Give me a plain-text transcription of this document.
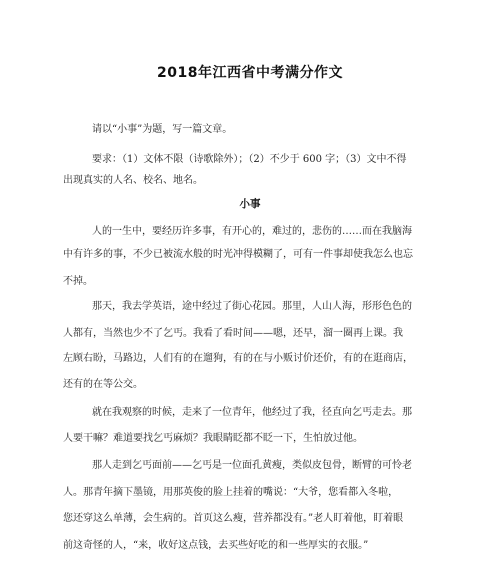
2018年江西省中考满分作文
请以“小事”为题，写一篇文章。
要求：（1）文体不限（诗歌除外）；（2）不少于 600 字；（3）文中不得
出现真实的人名、校名、地名。
小事
人的一生中，要经历许多事，有开心的，难过的，悲伤的……而在我脑海
中有许多的事，不少已被流水般的时光冲得模糊了，可有一件事却使我怎么也忘
不掉。
那天，我去学英语，途中经过了街心花园。那里，人山人海，形形色色的
人都有，当然也少不了乞丐。我看了看时间——嗯，还早，溜一圈再上课。我
左顾右盼，马路边，人们有的在遛狗，有的在与小贩讨价还价，有的在逛商店，
还有的在等公交。
就在我观察的时候，走来了一位青年，他经过了我，径直向乞丐走去。那
人要干嘛？难道要找乞丐麻烦？我眼睛眨都不眨一下，生怕放过他。
那人走到乞丐面前——乞丐是一位面孔黄瘦，类似皮包骨，断臂的可怜老
人。那青年摘下墨镜，用那英俊的脸上挂着的嘴说：“大爷，您看都入冬啦，
您还穿这么单薄，会生病的。首页这么瘦，营养都没有。”老人盯着他，盯着眼
前这奇怪的人，“来，收好这点钱，去买些好吃的和一些厚实的衣服。”
